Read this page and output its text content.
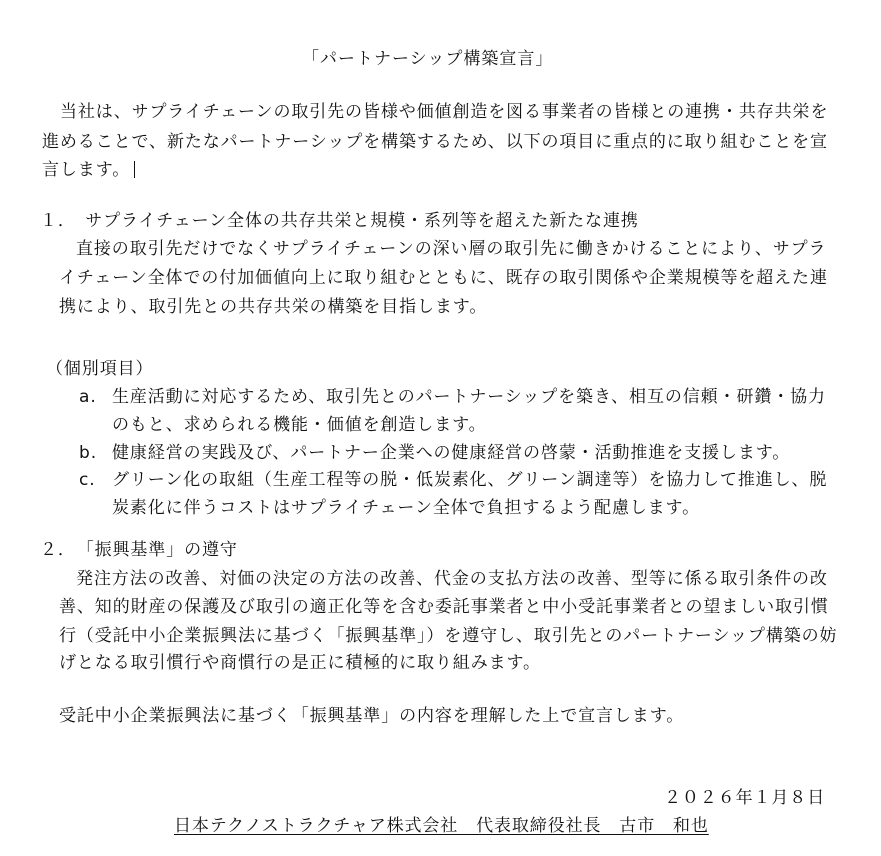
「パートナーシップ構築宣言」
当社は、サプライチェーンの取引先の皆様や価値創造を図る事業者の皆様との連携・共存共栄を
進めることで、新たなパートナーシップを構築するため、以下の項目に重点的に取り組むことを宣
言します。
１．　サプライチェーン全体の共存共栄と規模・系列等を超えた新たな連携
直接の取引先だけでなくサプライチェーンの深い層の取引先に働きかけることにより、サプラ
イチェーン全体での付加価値向上に取り組むとともに、既存の取引関係や企業規模等を超えた連
携により、取引先との共存共栄の構築を目指します。
（個別項目）
a. 生産活動に対応するため、取引先とのパートナーシップを築き、相互の信頼・研鑽・協力
のもと、求められる機能・価値を創造します。
b. 健康経営の実践及び、パートナー企業への健康経営の啓蒙・活動推進を支援します。
c. グリーン化の取組（生産工程等の脱・低炭素化、グリーン調達等）を協力して推進し、脱
炭素化に伴うコストはサプライチェーン全体で負担するよう配慮します。
２．　「振興基準」の遵守
発注方法の改善、対価の決定の方法の改善、代金の支払方法の改善、型等に係る取引条件の改
善、知的財産の保護及び取引の適正化等を含む委託事業者と中小受託事業者との望ましい取引慣
行（受託中小企業振興法に基づく「振興基準」）を遵守し、取引先とのパートナーシップ構築の妨
げとなる取引慣行や商慣行の是正に積極的に取り組みます。
受託中小企業振興法に基づく「振興基準」の内容を理解した上で宣言します。
２０２６年１月８日
日本テクノストラクチャア株式会社　代表取締役社長　古市　和也
